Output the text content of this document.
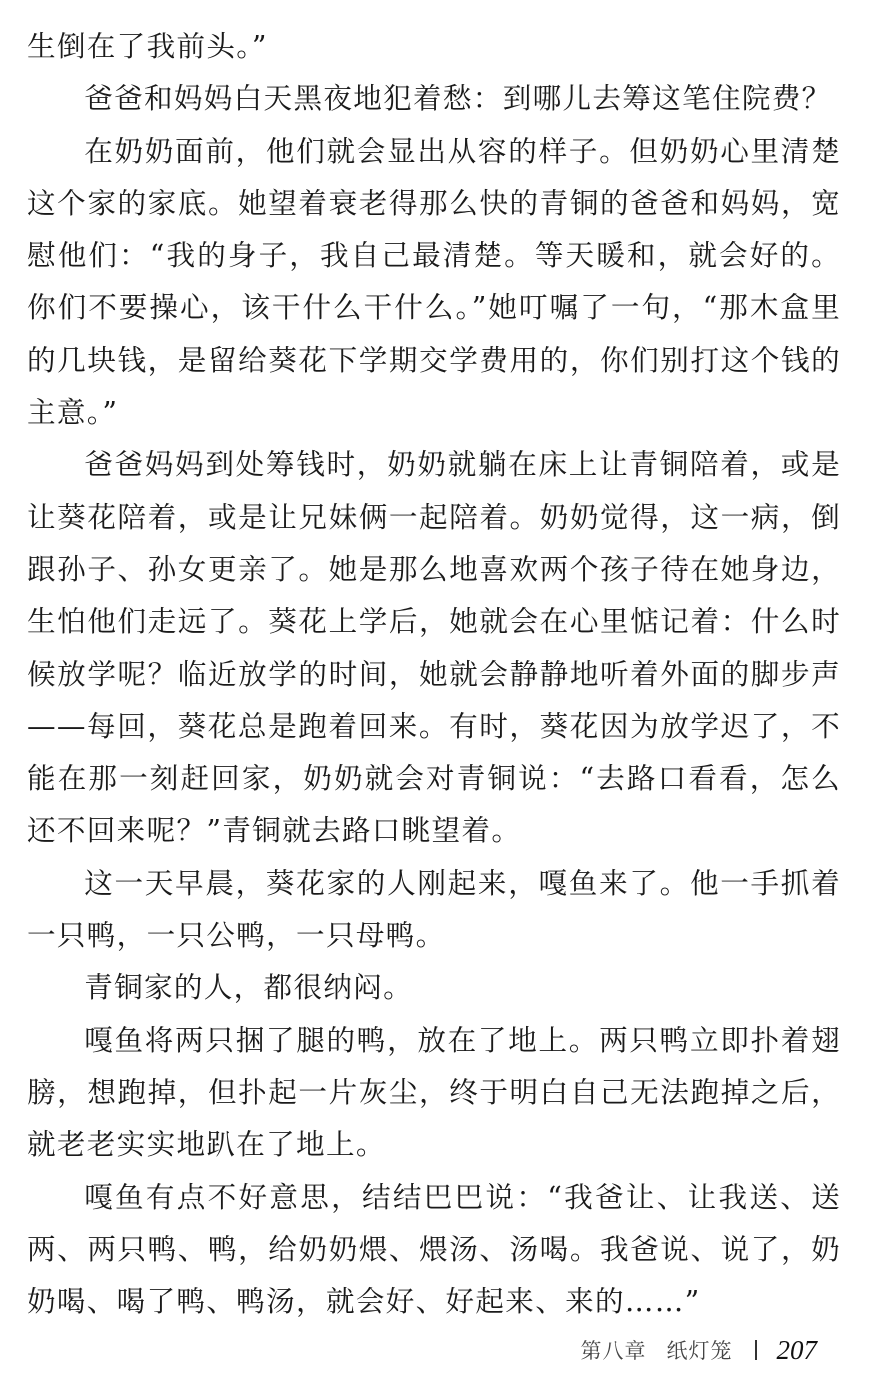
生倒在了我前头。”

爸爸和妈妈白天黑夜地犯着愁：到哪儿去筹这笔住院费？

在奶奶面前，他们就会显出从容的样子。但奶奶心里清楚这个家的家底。她望着衰老得那么快的青铜的爸爸和妈妈，宽慰他们：“我的身子，我自己最清楚。等天暖和，就会好的。你们不要操心，该干什么干什么。”她叮嘱了一句，“那木盒里的几块钱，是留给葵花下学期交学费用的，你们别打这个钱的主意。”

爸爸妈妈到处筹钱时，奶奶就躺在床上让青铜陪着，或是让葵花陪着，或是让兄妹俩一起陪着。奶奶觉得，这一病，倒跟孙子、孙女更亲了。她是那么地喜欢两个孩子待在她身边，生怕他们走远了。葵花上学后，她就会在心里惦记着：什么时候放学呢？临近放学的时间，她就会静静地听着外面的脚步声——每回，葵花总是跑着回来。有时，葵花因为放学迟了，不能在那一刻赶回家，奶奶就会对青铜说：“去路口看看，怎么还不回来呢？”青铜就去路口眺望着。

这一天早晨，葵花家的人刚起来，嘎鱼来了。他一手抓着一只鸭，一只公鸭，一只母鸭。

青铜家的人，都很纳闷。

嘎鱼将两只捆了腿的鸭，放在了地上。两只鸭立即扑着翅膀，想跑掉，但扑起一片灰尘，终于明白自己无法跑掉之后，就老老实实地趴在了地上。

嘎鱼有点不好意思，结结巴巴说：“我爸让、让我送、送两、两只鸭、鸭，给奶奶煨、煨汤、汤喝。我爸说、说了，奶奶喝、喝了鸭、鸭汤，就会好、好起来、来的……”

第八章 纸灯笼 207
